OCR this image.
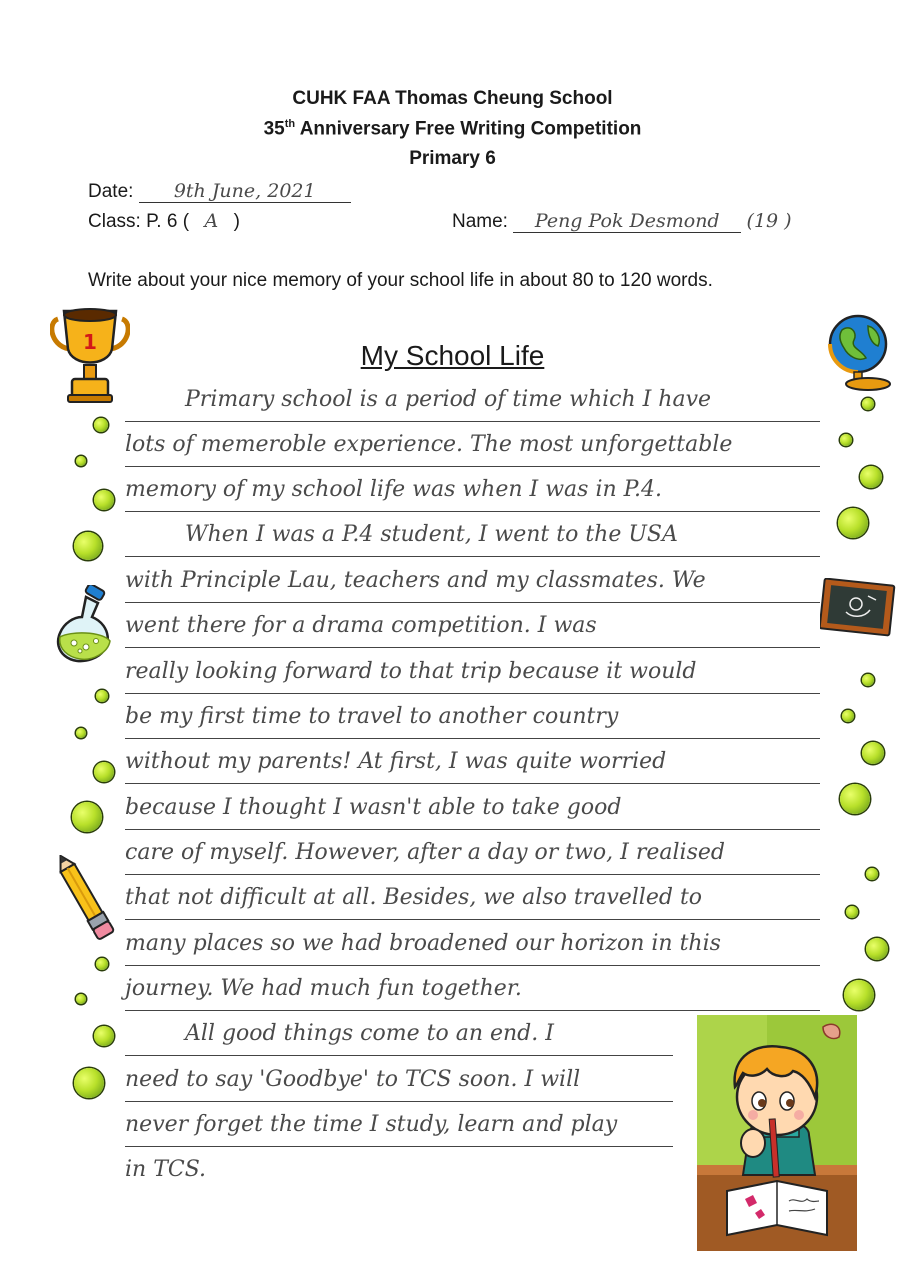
CUHK FAA Thomas Cheung School
35th Anniversary Free Writing Competition
Primary 6
Date: 9th June, 2021
Class: P. 6 ( A )	Name: Peng Pok Desmond (19 )
Write about your nice memory of your school life in about 80 to 120 words.
My School Life
Primary school is a period of time which I have
lots of memeroble experience. The most unforgettable
memory of my school life was when I was in P.4.
When I was a P.4 student, I went to the USA
with Principle Lau, teachers and my classmates. We
went there for a drama competition. I was
really looking forward to that trip because it would
be my first time to travel to another country
without my parents! At first, I was quite worried
because I thought I wasn't able to take good
care of myself. However, after a day or two, I realised
that not difficult at all. Besides, we also travelled to
many places so we had broadened our horizon in this
journey. We had much fun together.
All good things come to an end. I
need to say 'Goodbye' to TCS soon. I will
never forget the time I study, learn and play
in TCS.
1
